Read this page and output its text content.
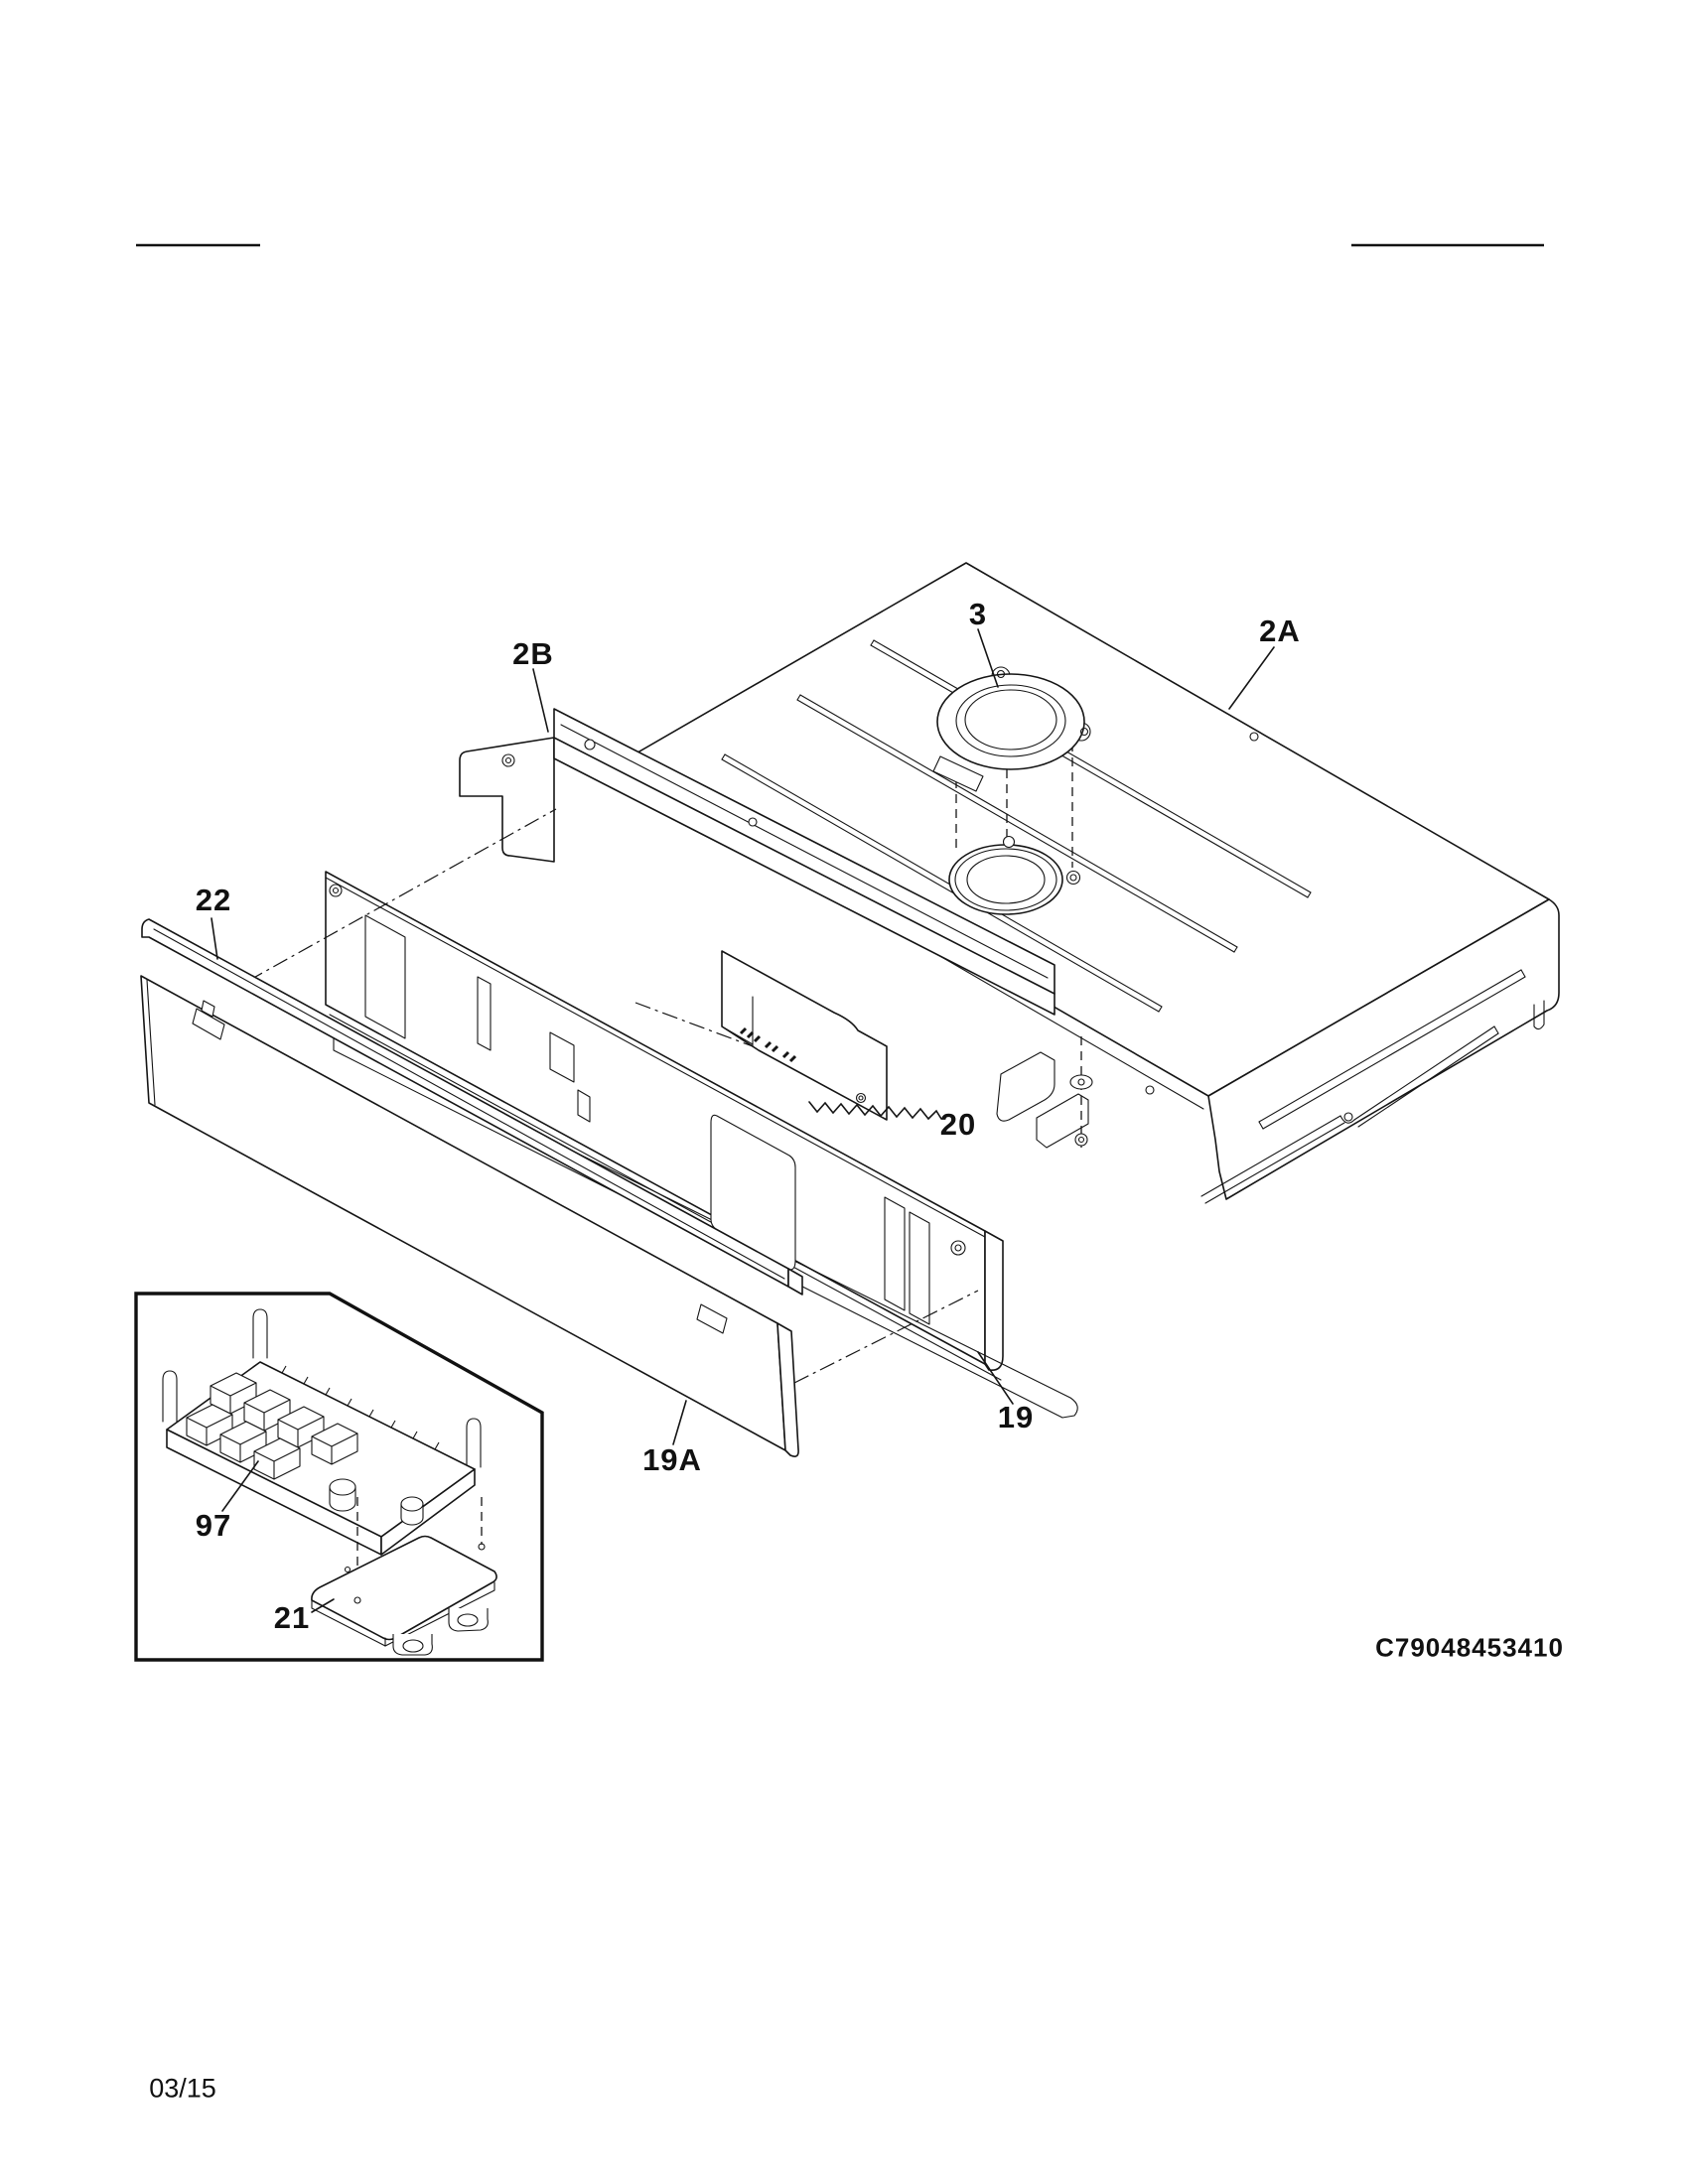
2B
3	2A
22
20
19
19A
97
21
C79048453410
03/15
